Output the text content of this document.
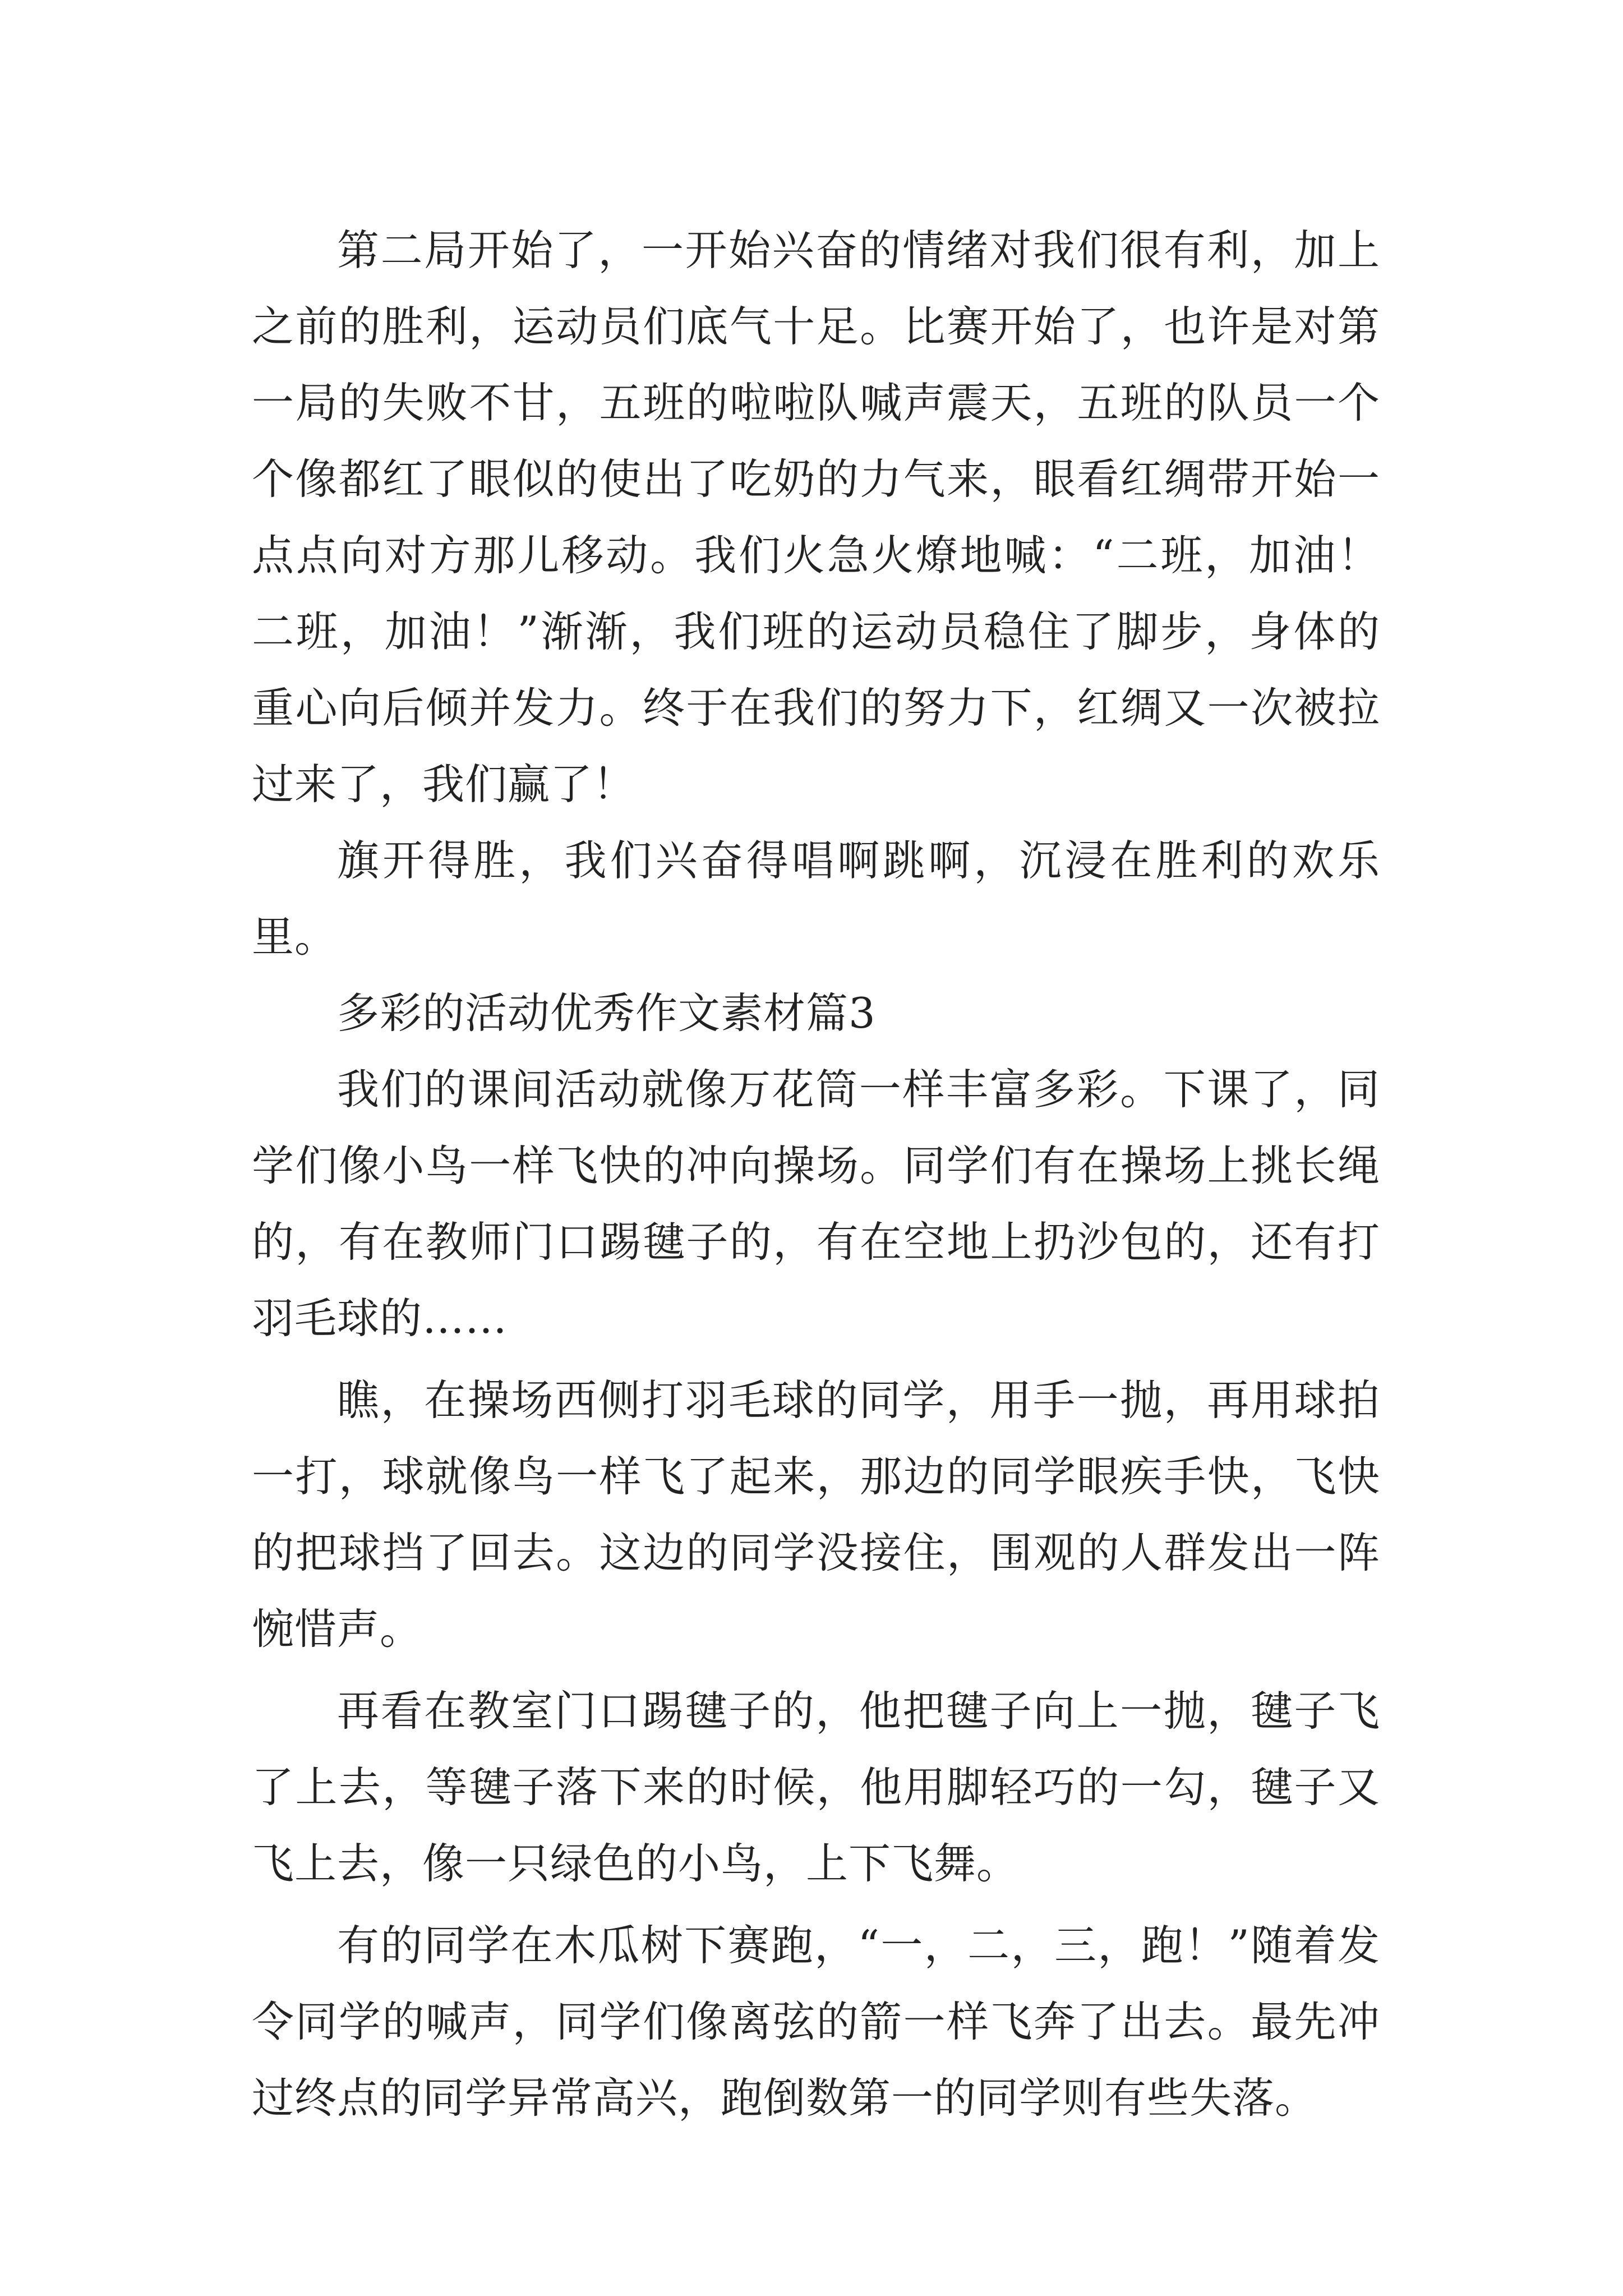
第二局开始了，一开始兴奋的情绪对我们很有利，加上之前的胜利，运动员们底气十足。比赛开始了，也许是对第一局的失败不甘，五班的啦啦队喊声震天，五班的队员一个个像都红了眼似的使出了吃奶的力气来，眼看红绸带开始一点点向对方那儿移动。我们火急火燎地喊：“二班，加油！二班，加油！”渐渐，我们班的运动员稳住了脚步，身体的重心向后倾并发力。终于在我们的努力下，红绸又一次被拉过来了，我们赢了！

旗开得胜，我们兴奋得唱啊跳啊，沉浸在胜利的欢乐里。

多彩的活动优秀作文素材篇3

我们的课间活动就像万花筒一样丰富多彩。下课了，同学们像小鸟一样飞快的冲向操场。同学们有在操场上挑长绳的，有在教师门口踢毽子的，有在空地上扔沙包的，还有打羽毛球的……

瞧，在操场西侧打羽毛球的同学，用手一抛，再用球拍一打，球就像鸟一样飞了起来，那边的同学眼疾手快，飞快的把球挡了回去。这边的同学没接住，围观的人群发出一阵惋惜声。

再看在教室门口踢毽子的，他把毽子向上一抛，毽子飞了上去，等毽子落下来的时候，他用脚轻巧的一勾，毽子又飞上去，像一只绿色的小鸟，上下飞舞。

有的同学在木瓜树下赛跑，“一，二，三，跑！”随着发令同学的喊声，同学们像离弦的箭一样飞奔了出去。最先冲过终点的同学异常高兴，跑倒数第一的同学则有些失落。
